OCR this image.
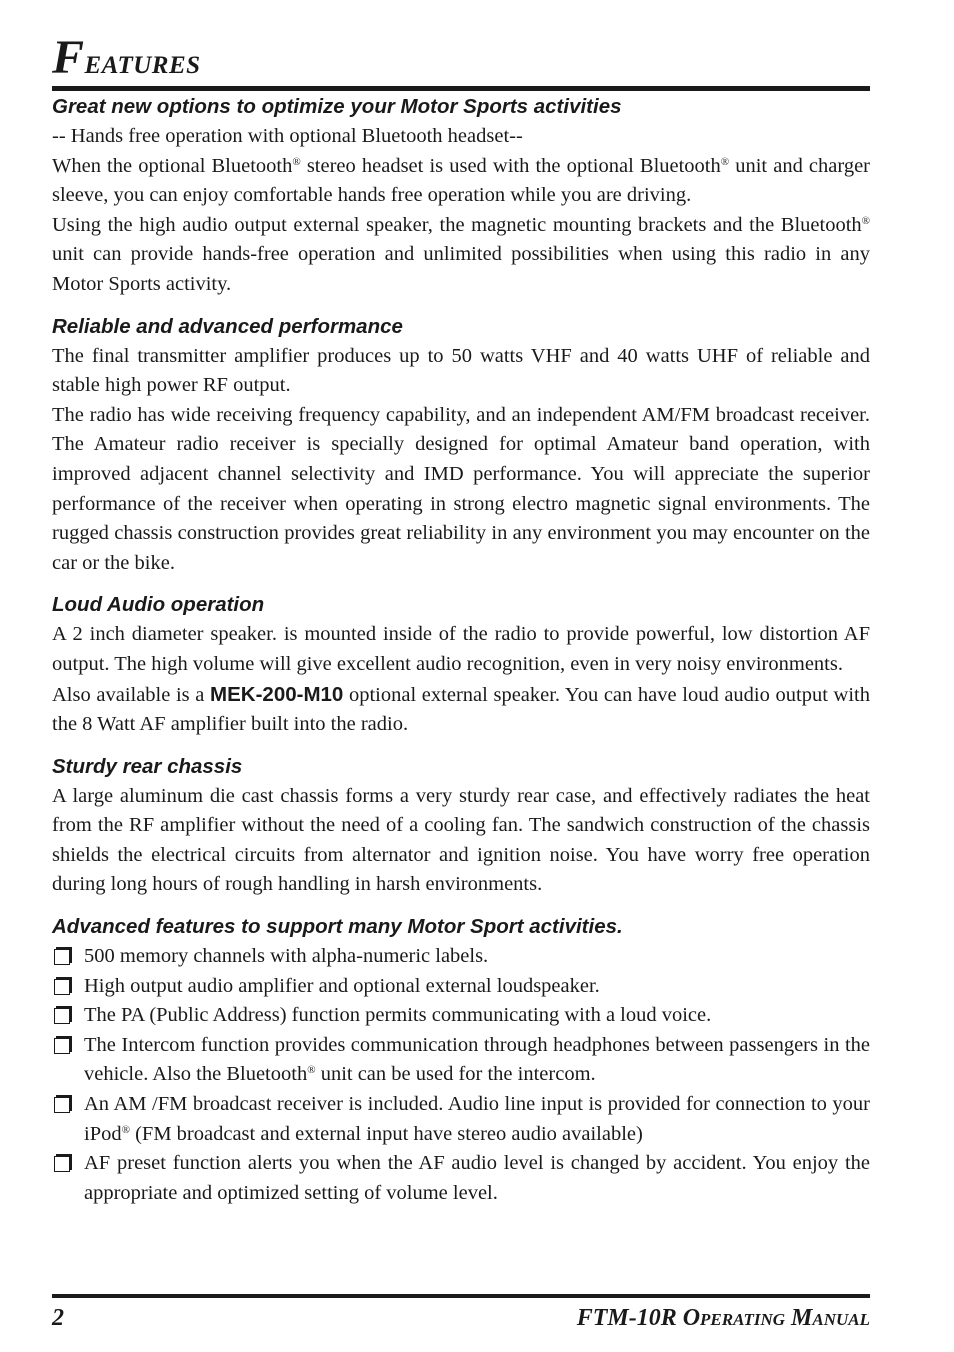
Features
Great new options to optimize your Motor Sports activities

-- Hands free operation with optional Bluetooth headset--

When the optional Bluetooth® stereo headset is used with the optional Bluetooth® unit and charger sleeve, you can enjoy comfortable hands free operation while you are driving.

Using the high audio output external speaker, the magnetic mounting brackets and the Bluetooth® unit can provide hands-free operation and unlimited possibilities when using this radio in any Motor Sports activity.

Reliable and advanced performance

The final transmitter amplifier produces up to 50 watts VHF and 40 watts UHF of reliable and stable high power RF output.

The radio has wide receiving frequency capability, and an independent AM/FM broadcast receiver. The Amateur radio receiver is specially designed for optimal Amateur band operation, with improved adjacent channel selectivity and IMD performance. You will appreciate the superior performance of the receiver when operating in strong electro magnetic signal environments. The rugged chassis construction provides great reliability in any environment you may encounter on the car or the bike.

Loud Audio operation

A 2 inch diameter speaker. is mounted inside of the radio to provide powerful, low distortion AF output. The high volume will give excellent audio recognition, even in very noisy environments.

Also available is a MEK-200-M10 optional external speaker. You can have loud audio output with the 8 Watt AF amplifier built into the radio.

Sturdy rear chassis

A large aluminum die cast chassis forms a very sturdy rear case, and effectively radiates the heat from the RF amplifier without the need of a cooling fan. The sandwich construction of the chassis shields the electrical circuits from alternator and ignition noise. You have worry free operation during long hours of rough handling in harsh environments.

Advanced features to support many Motor Sport activities.
500 memory channels with alpha-numeric labels.
High output audio amplifier and optional external loudspeaker.
The PA (Public Address) function permits communicating with a loud voice.
The Intercom function provides communication through headphones between passengers in the vehicle. Also the Bluetooth® unit can be used for the intercom.
An AM /FM broadcast receiver is included. Audio line input is provided for connection to your iPod® (FM broadcast and external input have stereo audio available)
AF preset function alerts you when the AF audio level is changed by accident. You enjoy the appropriate and optimized setting of volume level.
2	FTM-10R Operating Manual
